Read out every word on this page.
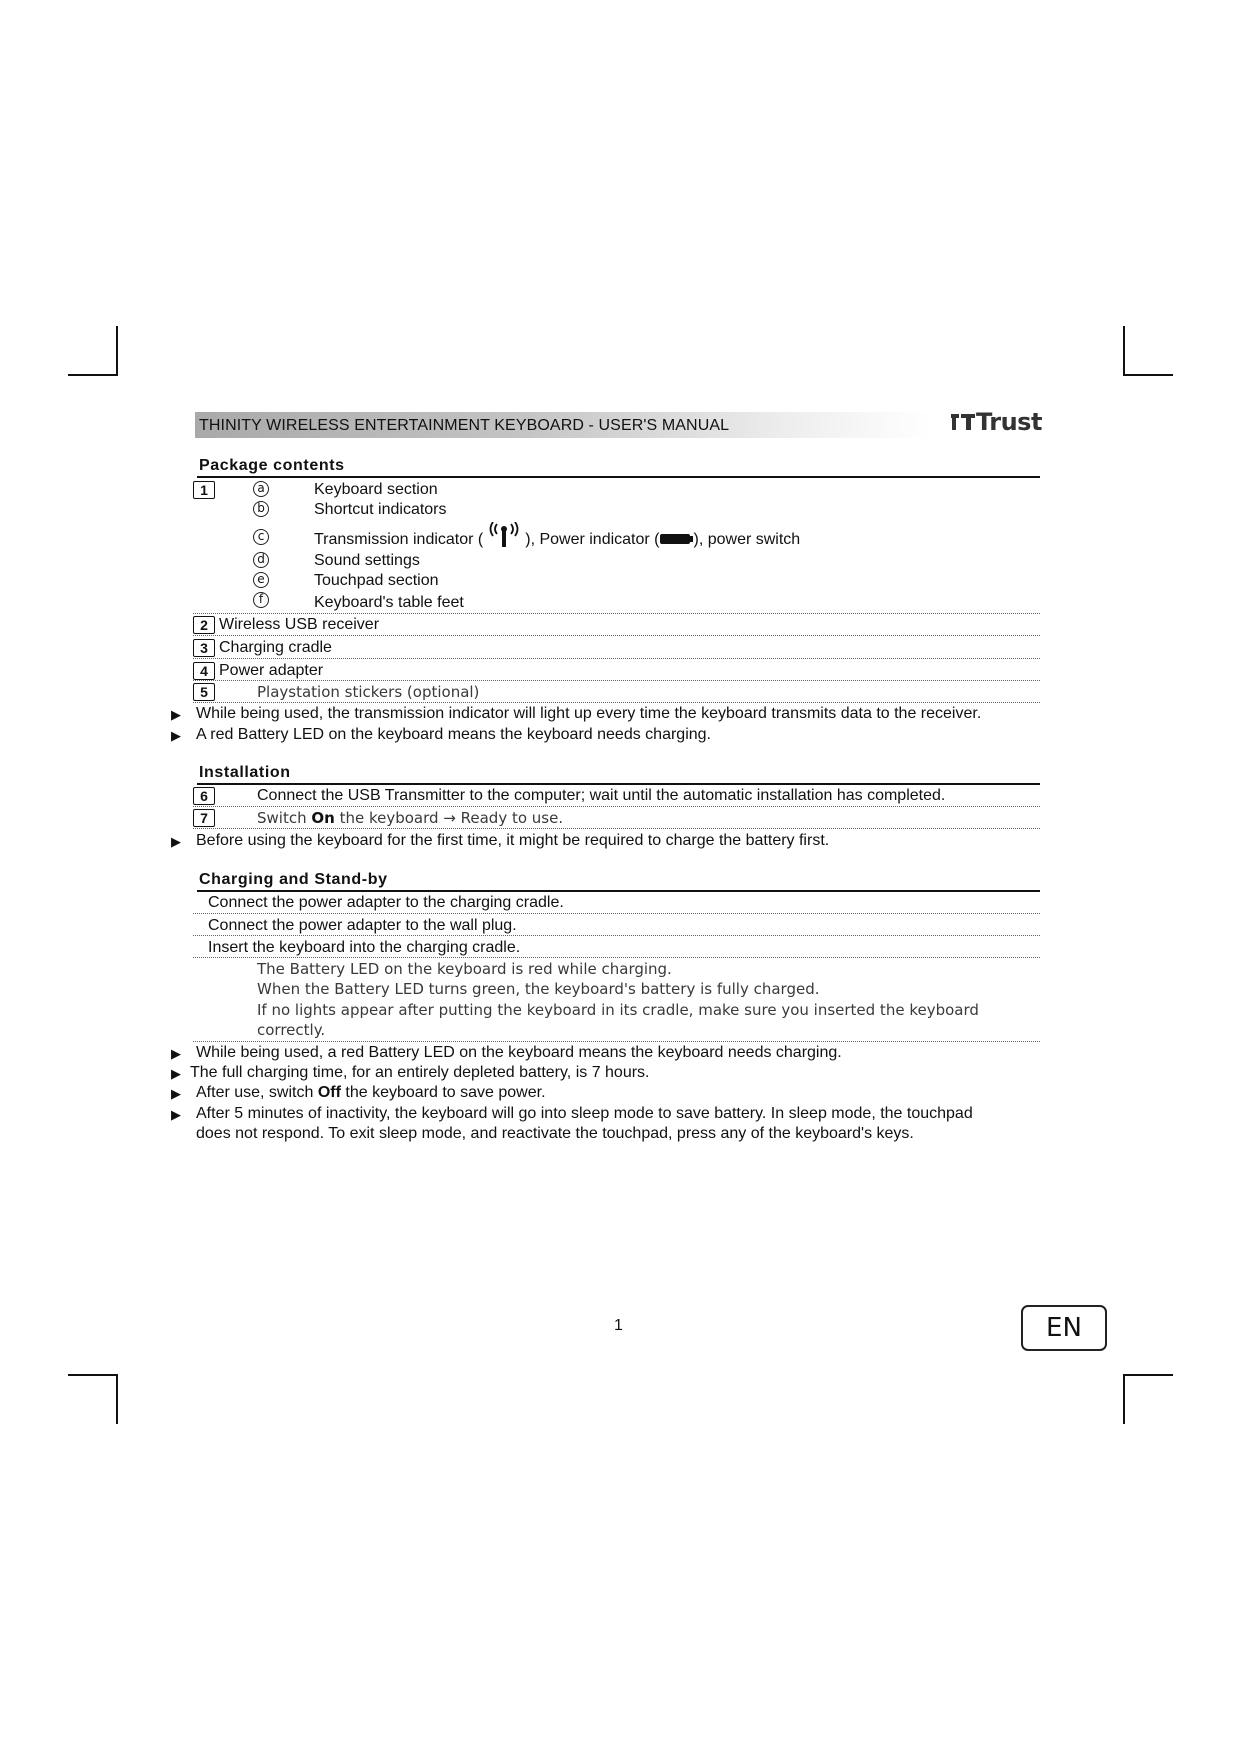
THINITY WIRELESS ENTERTAINMENT KEYBOARD - USER'S MANUAL	Trust
Package contents
1	a	Keyboard section
b	Shortcut indicators
c	Transmission indicator (	), Power indicator ( ), power switch
d	Sound settings
e	Touchpad section
f	Keyboard's table feet
2 Wireless USB receiver
3 Charging cradle
4 Power adapter
5	Playstation stickers (optional)
▶ While being used, the transmission indicator will light up every time the keyboard transmits data to the receiver.
▶ A red Battery LED on the keyboard means the keyboard needs charging.
Installation
6	Connect the USB Transmitter to the computer; wait until the automatic installation has completed.
7	Switch On the keyboard → Ready to use.
▶ Before using the keyboard for the first time, it might be required to charge the battery first.
Charging and Stand-by
Connect the power adapter to the charging cradle.
Connect the power adapter to the wall plug.
Insert the keyboard into the charging cradle.
The Battery LED on the keyboard is red while charging.
When the Battery LED turns green, the keyboard's battery is fully charged.
If no lights appear after putting the keyboard in its cradle, make sure you inserted the keyboard
correctly.
▶ While being used, a red Battery LED on the keyboard means the keyboard needs charging.
▶ The full charging time, for an entirely depleted battery, is 7 hours.
▶ After use, switch Off the keyboard to save power.
▶ After 5 minutes of inactivity, the keyboard will go into sleep mode to save battery. In sleep mode, the touchpad
does not respond. To exit sleep mode, and reactivate the touchpad, press any of the keyboard's keys.
1	EN
